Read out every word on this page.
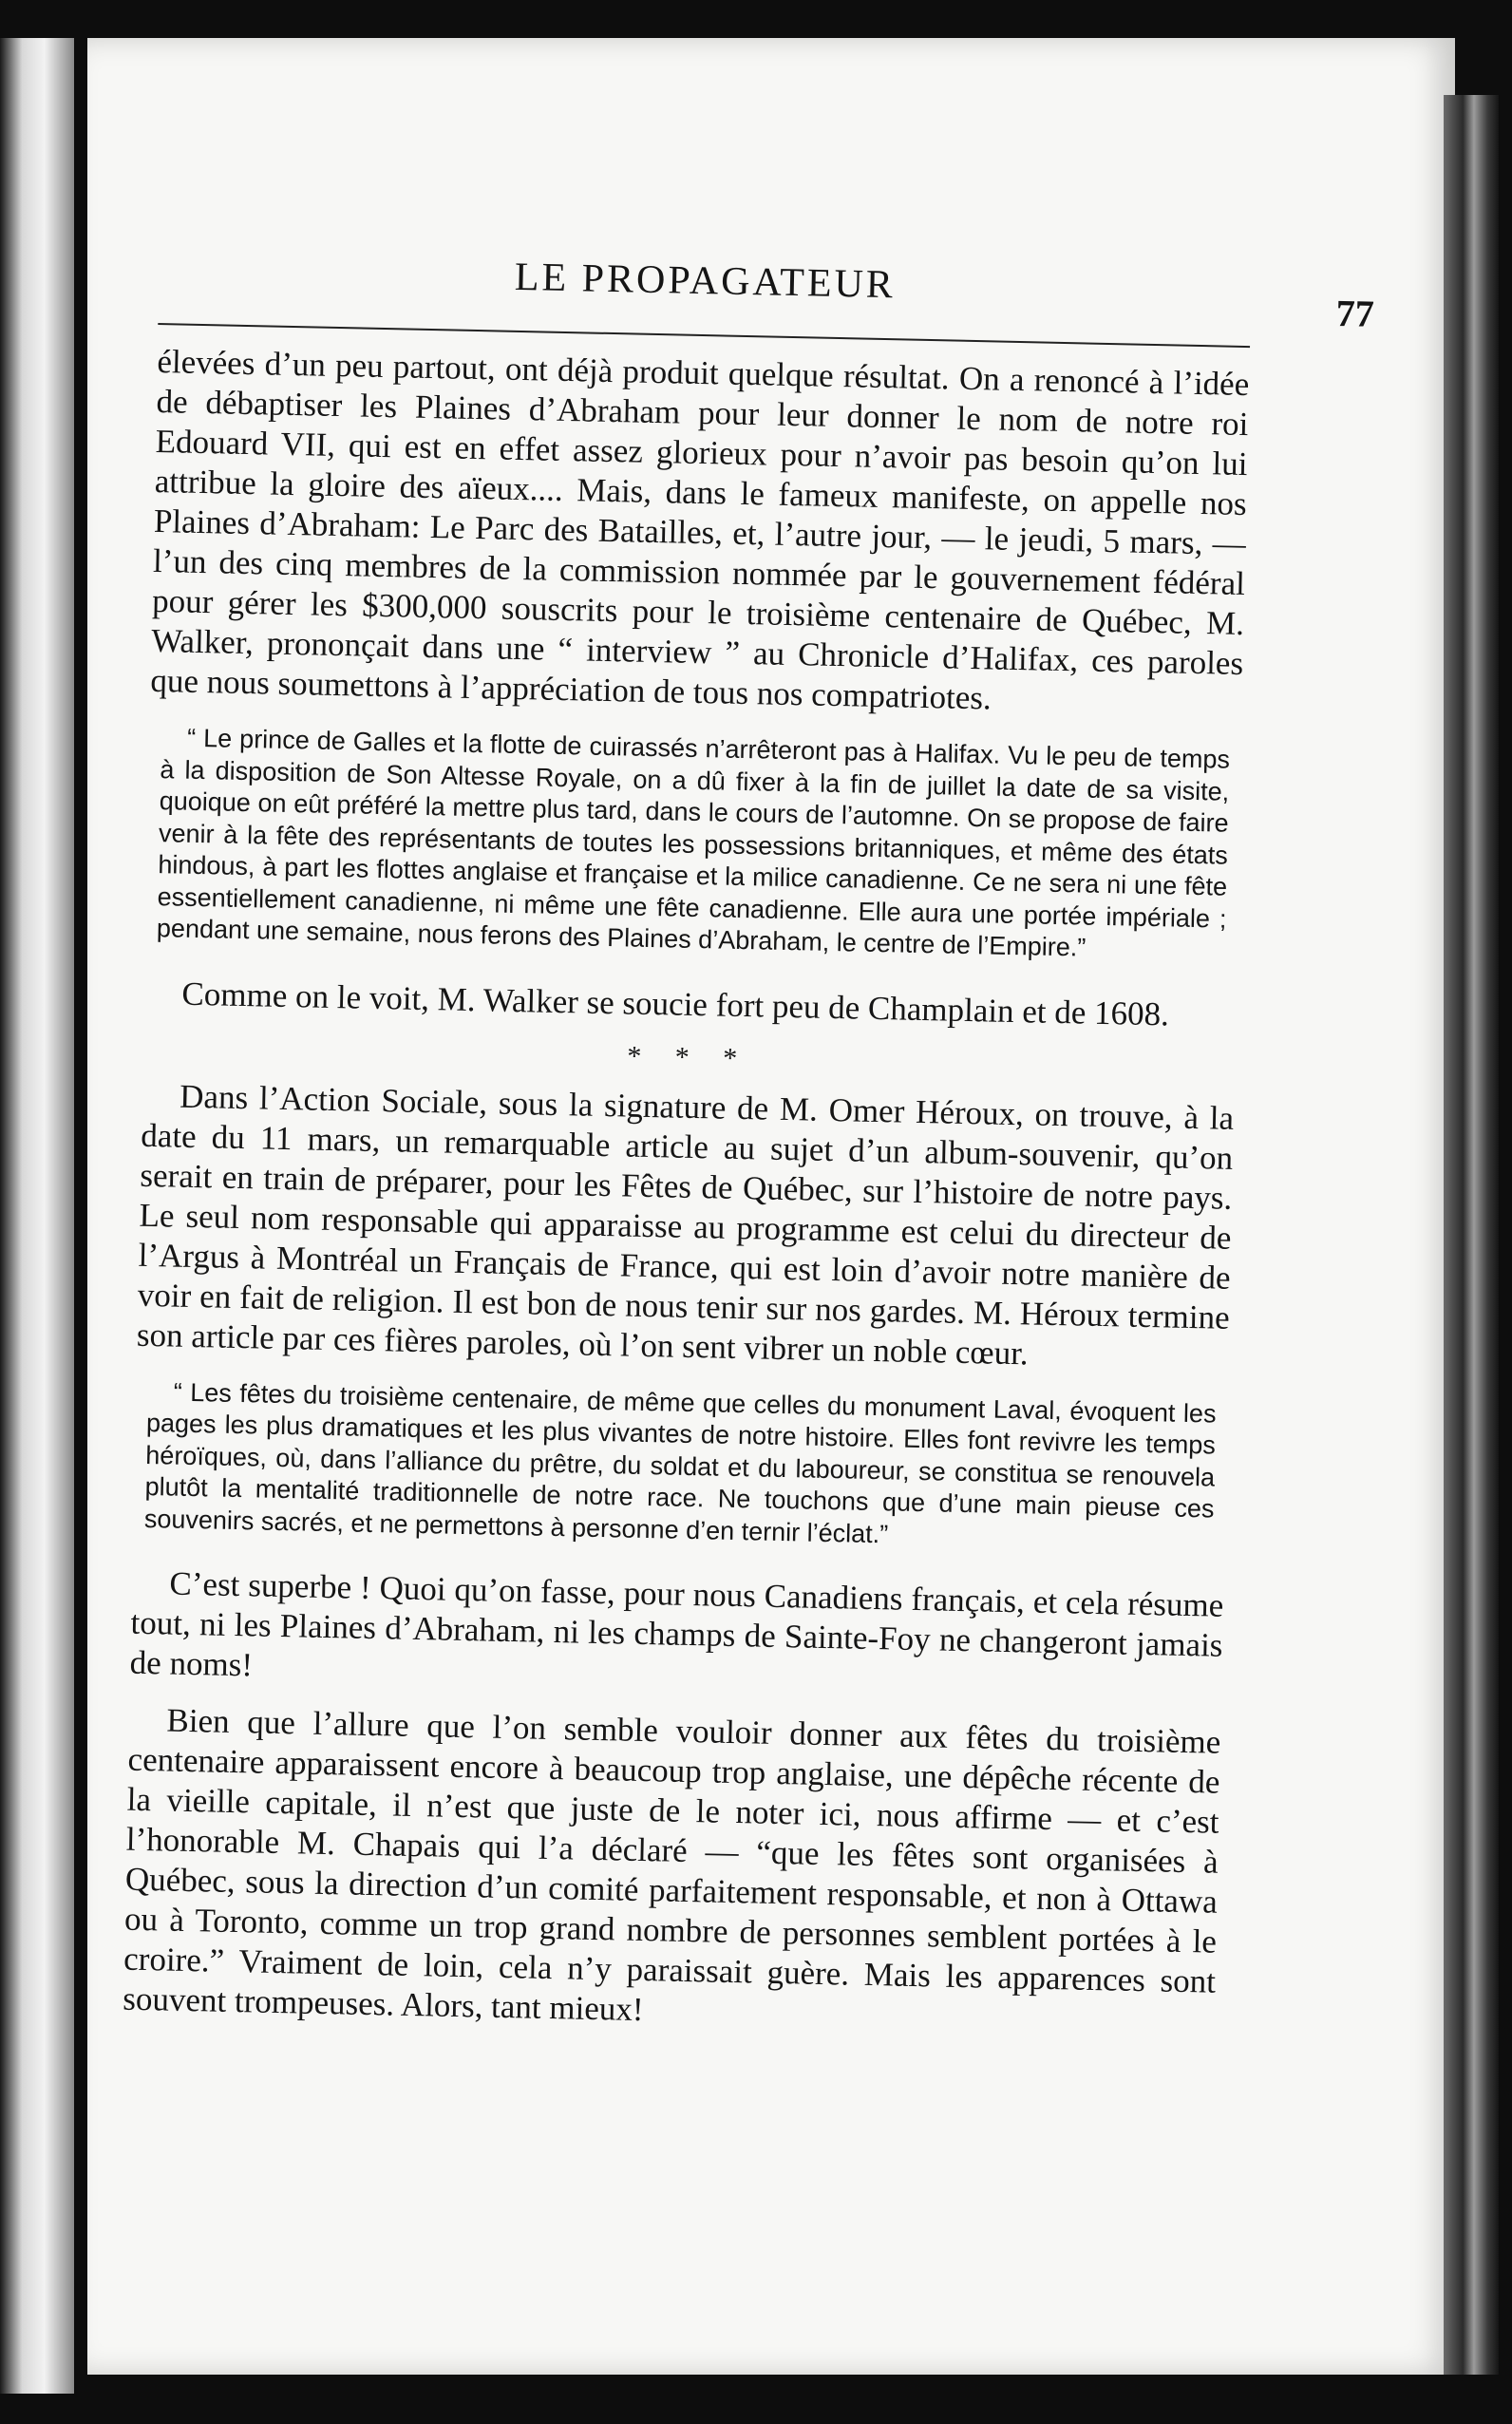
LE PROPAGATEUR
77

élevées d’un peu partout, ont déjà produit quelque résultat. On a renoncé à l’idée de débaptiser les Plaines d’Abraham pour leur donner le nom de notre roi Edouard VII, qui est en effet assez glorieux pour n’avoir pas besoin qu’on lui attribue la gloire des aïeux.... Mais, dans le fameux manifeste, on appelle nos Plaines d’Abraham: Le Parc des Batailles, et, l’autre jour, — le jeudi, 5 mars, — l’un des cinq membres de la commission nommée par le gouvernement fédéral pour gérer les $300,000 souscrits pour le troisième centenaire de Québec, M. Walker, prononçait dans une “ interview ” au Chronicle d’Halifax, ces paroles que nous soumettons à l’appréciation de tous nos compatriotes.

“ Le prince de Galles et la flotte de cuirassés n’arrêteront pas à Halifax. Vu le peu de temps à la disposition de Son Altesse Royale, on a dû fixer à la fin de juillet la date de sa visite, quoique on eût préféré la mettre plus tard, dans le cours de l’automne. On se propose de faire venir à la fête des représentants de toutes les possessions britanniques, et même des états hindous, à part les flottes anglaise et française et la milice canadienne. Ce ne sera ni une fête essentiellement canadienne, ni même une fête canadienne. Elle aura une portée impériale ; pendant une semaine, nous ferons des Plaines d’Abraham, le centre de l’Empire.”

Comme on le voit, M. Walker se soucie fort peu de Champlain et de 1608.

* * *

Dans l’Action Sociale, sous la signature de M. Omer Héroux, on trouve, à la date du 11 mars, un remarquable article au sujet d’un album-souvenir, qu’on serait en train de préparer, pour les Fêtes de Québec, sur l’histoire de notre pays. Le seul nom responsable qui apparaisse au programme est celui du directeur de l’Argus à Montréal un Français de France, qui est loin d’avoir notre manière de voir en fait de religion. Il est bon de nous tenir sur nos gardes. M. Héroux termine son article par ces fières paroles, où l’on sent vibrer un noble cœur.

“ Les fêtes du troisième centenaire, de même que celles du monument Laval, évoquent les pages les plus dramatiques et les plus vivantes de notre histoire. Elles font revivre les temps héroïques, où, dans l’alliance du prêtre, du soldat et du laboureur, se constitua se renouvela plutôt la mentalité traditionnelle de notre race. Ne touchons que d’une main pieuse ces souvenirs sacrés, et ne permettons à personne d’en ternir l’éclat.”

C’est superbe ! Quoi qu’on fasse, pour nous Canadiens français, et cela résume tout, ni les Plaines d’Abraham, ni les champs de Sainte-Foy ne changeront jamais de noms!

Bien que l’allure que l’on semble vouloir donner aux fêtes du troisième centenaire apparaissent encore à beaucoup trop anglaise, une dépêche récente de la vieille capitale, il n’est que juste de le noter ici, nous affirme — et c’est l’honorable M. Chapais qui l’a déclaré — “que les fêtes sont organisées à Québec, sous la direction d’un comité parfaitement responsable, et non à Ottawa ou à Toronto, comme un trop grand nombre de personnes semblent portées à le croire.” Vraiment de loin, cela n’y paraissait guère. Mais les apparences sont souvent trompeuses. Alors, tant mieux!
